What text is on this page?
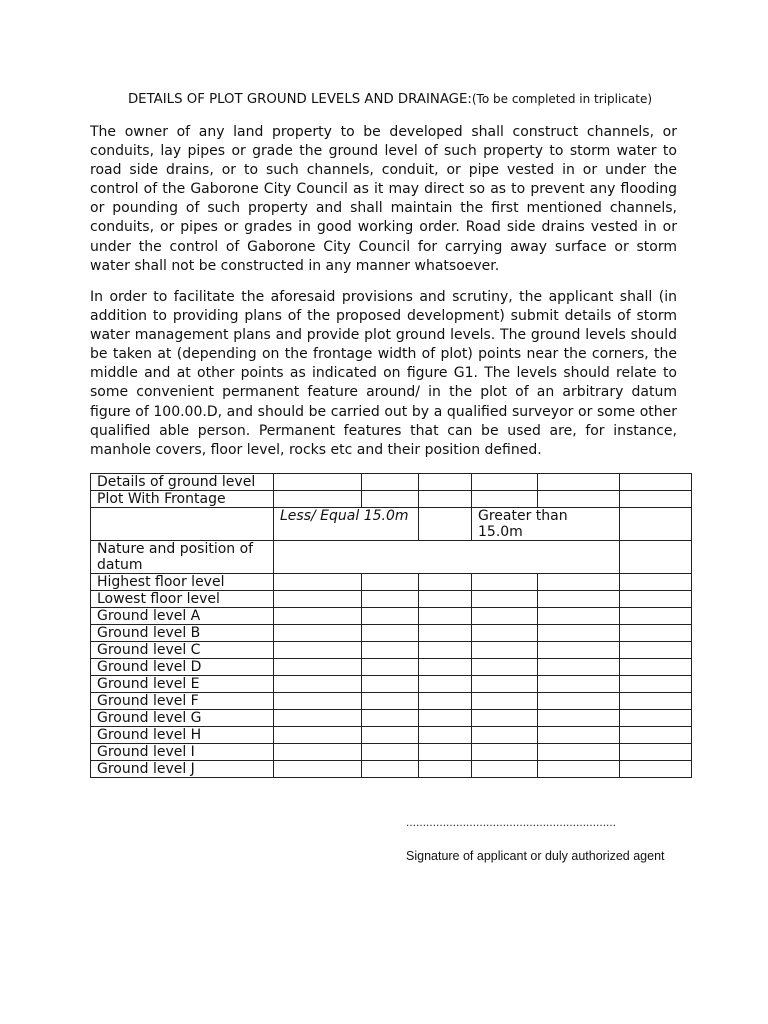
DETAILS OF PLOT GROUND LEVELS AND DRAINAGE:(To be completed in triplicate)

The owner of any land property to be developed shall construct channels, or conduits, lay pipes or grade the ground level of such property to storm water to road side drains, or to such channels, conduit, or pipe vested in or under the control of the Gaborone City Council as it may direct so as to prevent any flooding or pounding of such property and shall maintain the first mentioned channels, conduits, or pipes or grades in good working order. Road side drains vested in or under the control of Gaborone City Council for carrying away surface or storm water shall not be constructed in any manner whatsoever.

In order to facilitate the aforesaid provisions and scrutiny, the applicant shall (in addition to providing plans of the proposed development) submit details of storm water management plans and provide plot ground levels. The ground levels should be taken at (depending on the frontage width of plot) points near the corners, the middle and at other points as indicated on figure G1. The levels should relate to some convenient permanent feature around/ in the plot of an arbitrary datum figure of 100.00.D, and should be carried out by a qualified surveyor or some other qualified able person. Permanent features that can be used are, for instance, manhole covers, floor level, rocks etc and their position defined.

Details of ground level						
Plot With Frontage						
	Less/ Equal 15.0m			Greater than 15.0m		
Nature and position of datum						
Highest floor level						
Lowest floor level						
Ground level A						
Ground level B						
Ground level C						
Ground level D						
Ground level E						
Ground level F						
Ground level G						
Ground level H						
Ground level I						
Ground level J						
………………………………………………………
Signature of applicant or duly authorized agent
